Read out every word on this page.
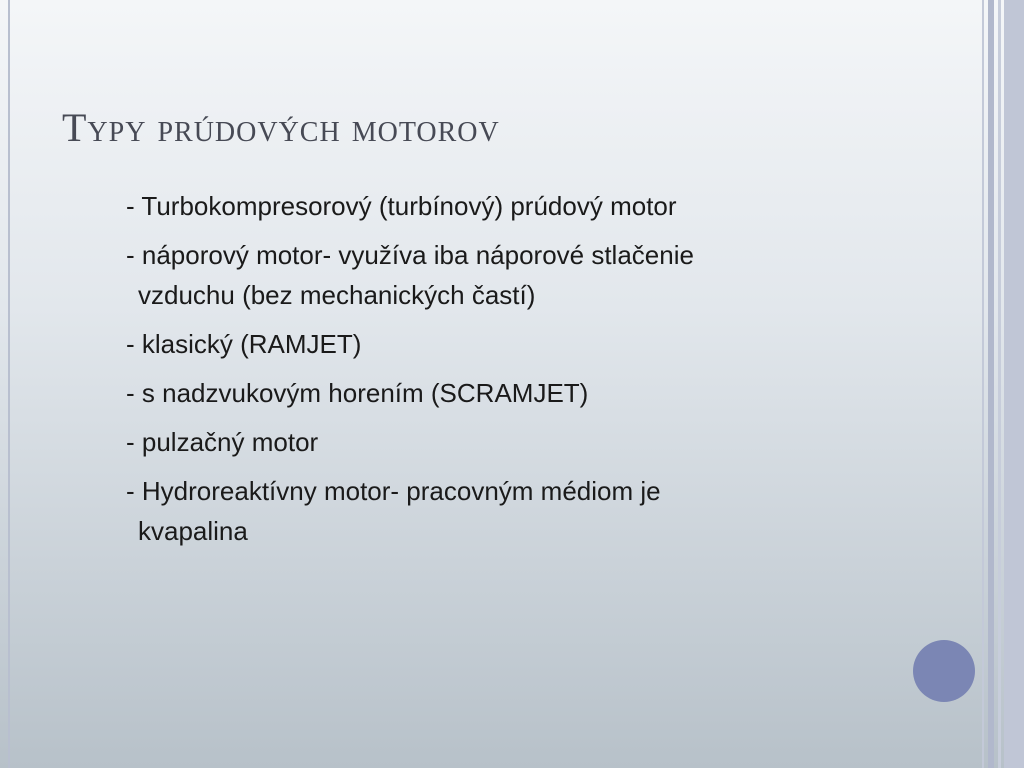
Typy prúdových motorov
- Turbokompresorový (turbínový) prúdový motor
- náporový motor- využíva iba náporové stlačenie
vzduchu (bez mechanických častí)
- klasický (RAMJET)
- s nadzvukovým horením (SCRAMJET)
- pulzačný motor
- Hydroreaktívny motor- pracovným médiom je
kvapalina
